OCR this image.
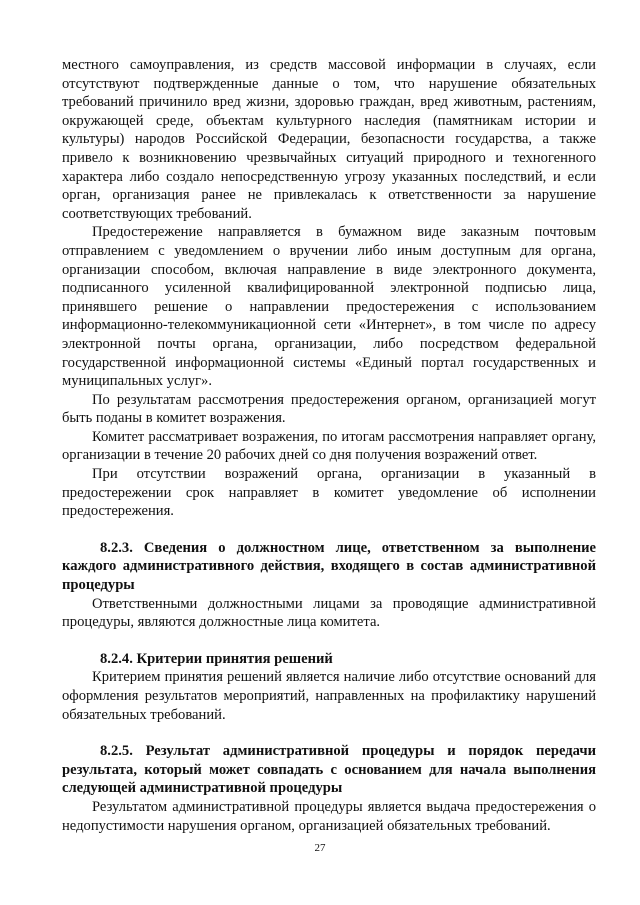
местного самоуправления, из средств массовой информации в случаях, если отсутствуют подтвержденные данные о том, что нарушение обязательных требований причинило вред жизни, здоровью граждан, вред животным, растениям, окружающей среде, объектам культурного наследия (памятникам истории и культуры) народов Российской Федерации, безопасности государства, а также привело к возникновению чрезвычайных ситуаций природного и техногенного характера либо создало непосредственную угрозу указанных последствий, и если орган, организация ранее не привлекалась к ответственности за нарушение соответствующих требований.

Предостережение направляется в бумажном виде заказным почтовым отправлением с уведомлением о вручении либо иным доступным для органа, организации способом, включая направление в виде электронного документа, подписанного усиленной квалифицированной электронной подписью лица, принявшего решение о направлении предостережения с использованием информационно-телекоммуникационной сети «Интернет», в том числе по адресу электронной почты органа, организации, либо посредством федеральной государственной информационной системы «Единый портал государственных и муниципальных услуг».

По результатам рассмотрения предостережения органом, организацией могут быть поданы в комитет возражения.

Комитет рассматривает возражения, по итогам рассмотрения направляет органу, организации в течение 20 рабочих дней со дня получения возражений ответ.

При отсутствии возражений органа, организации в указанный в предостережении срок направляет в комитет уведомление об исполнении предостережения.

8.2.3. Сведения о должностном лице, ответственном за выполнение каждого административного действия, входящего в состав административной процедуры

Ответственными должностными лицами за проводящие административной процедуры, являются должностные лица комитета.

8.2.4. Критерии принятия решений

Критерием принятия решений является наличие либо отсутствие оснований для оформления результатов мероприятий, направленных на профилактику нарушений обязательных требований.

8.2.5. Результат административной процедуры и порядок передачи результата, который может совпадать с основанием для начала выполнения следующей административной процедуры

Результатом административной процедуры является выдача предостережения о недопустимости нарушения органом, организацией обязательных требований.

27
